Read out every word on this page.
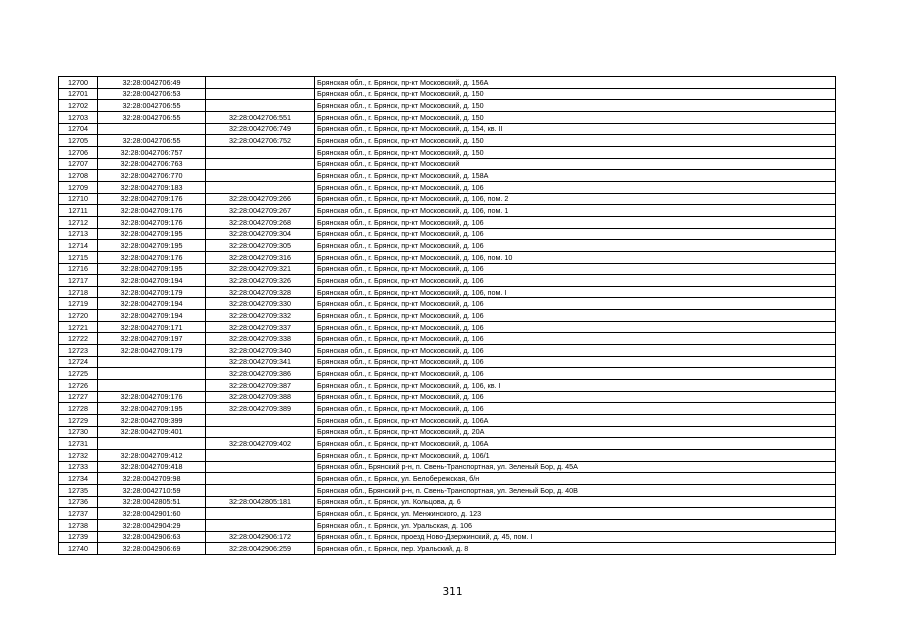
12700	32:28:0042706:49		Брянская обл., г. Брянск, пр-кт Московский, д. 156А
12701	32:28:0042706:53		Брянская обл., г. Брянск, пр-кт Московский, д. 150
12702	32:28:0042706:55		Брянская обл., г. Брянск, пр-кт Московский, д. 150
12703	32:28:0042706:55	32:28:0042706:551	Брянская обл., г. Брянск, пр-кт Московский, д. 150
12704		32:28:0042706:749	Брянская обл., г. Брянск, пр-кт Московский, д. 154, кв. II
12705	32:28:0042706:55	32:28:0042706:752	Брянская обл., г. Брянск, пр-кт Московский, д. 150
12706	32:28:0042706:757		Брянская обл., г. Брянск, пр-кт Московский, д. 150
12707	32:28:0042706:763		Брянская обл., г. Брянск, пр-кт Московский
12708	32:28:0042706:770		Брянская обл., г. Брянск, пр-кт Московский, д. 158А
12709	32:28:0042709:183		Брянская обл., г. Брянск, пр-кт Московский, д. 106
12710	32:28:0042709:176	32:28:0042709:266	Брянская обл., г. Брянск, пр-кт Московский, д. 106, пом. 2
12711	32:28:0042709:176	32:28:0042709:267	Брянская обл., г. Брянск, пр-кт Московский, д. 106, пом. 1
12712	32:28:0042709:176	32:28:0042709:268	Брянская обл., г. Брянск, пр-кт Московский, д. 106
12713	32:28:0042709:195	32:28:0042709:304	Брянская обл., г. Брянск, пр-кт Московский, д. 106
12714	32:28:0042709:195	32:28:0042709:305	Брянская обл., г. Брянск, пр-кт Московский, д. 106
12715	32:28:0042709:176	32:28:0042709:316	Брянская обл., г. Брянск, пр-кт Московский, д. 106, пом. 10
12716	32:28:0042709:195	32:28:0042709:321	Брянская обл., г. Брянск, пр-кт Московский, д. 106
12717	32:28:0042709:194	32:28:0042709:326	Брянская обл., г. Брянск, пр-кт Московский, д. 106
12718	32:28:0042709:179	32:28:0042709:328	Брянская обл., г. Брянск, пр-кт Московский, д. 106, пом. I
12719	32:28:0042709:194	32:28:0042709:330	Брянская обл., г. Брянск, пр-кт Московский, д. 106
12720	32:28:0042709:194	32:28:0042709:332	Брянская обл., г. Брянск, пр-кт Московский, д. 106
12721	32:28:0042709:171	32:28:0042709:337	Брянская обл., г. Брянск, пр-кт Московский, д. 106
12722	32:28:0042709:197	32:28:0042709:338	Брянская обл., г. Брянск, пр-кт Московский, д. 106
12723	32:28:0042709:179	32:28:0042709:340	Брянская обл., г. Брянск, пр-кт Московский, д. 106
12724		32:28:0042709:341	Брянская обл., г. Брянск, пр-кт Московский, д. 106
12725		32:28:0042709:386	Брянская обл., г. Брянск, пр-кт Московский, д. 106
12726		32:28:0042709:387	Брянская обл., г. Брянск, пр-кт Московский, д. 106, кв. I
12727	32:28:0042709:176	32:28:0042709:388	Брянская обл., г. Брянск, пр-кт Московский, д. 106
12728	32:28:0042709:195	32:28:0042709:389	Брянская обл., г. Брянск, пр-кт Московский, д. 106
12729	32:28:0042709:399		Брянская обл., г. Брянск, пр-кт Московский, д. 106А
12730	32:28:0042709:401		Брянская обл., г. Брянск, пр-кт Московский, д. 20А
12731		32:28:0042709:402	Брянская обл., г. Брянск, пр-кт Московский, д. 106А
12732	32:28:0042709:412		Брянская обл., г. Брянск, пр-кт Московский, д. 106/1
12733	32:28:0042709:418		Брянская обл., Брянский р-н, п. Свень-Транспортная, ул. Зеленый Бор, д. 45А
12734	32:28:0042709:98		Брянская обл., г. Брянск, ул. Белобережская, б/н
12735	32:28:0042710:59		Брянская обл., Брянский р-н, п. Свень-Транспортная, ул. Зеленый Бор, д. 40В
12736	32:28:0042805:51	32:28:0042805:181	Брянская обл., г. Брянск, ул. Кольцова, д. 6
12737	32:28:0042901:60		Брянская обл., г. Брянск, ул. Менжинского, д. 123
12738	32:28:0042904:29		Брянская обл., г. Брянск, ул. Уральская, д. 106
12739	32:28:0042906:63	32:28:0042906:172	Брянская обл., г. Брянск, проезд Ново-Дзержинский, д. 45, пом. I
12740	32:28:0042906:69	32:28:0042906:259	Брянская обл., г. Брянск, пер. Уральский, д. 8
311
